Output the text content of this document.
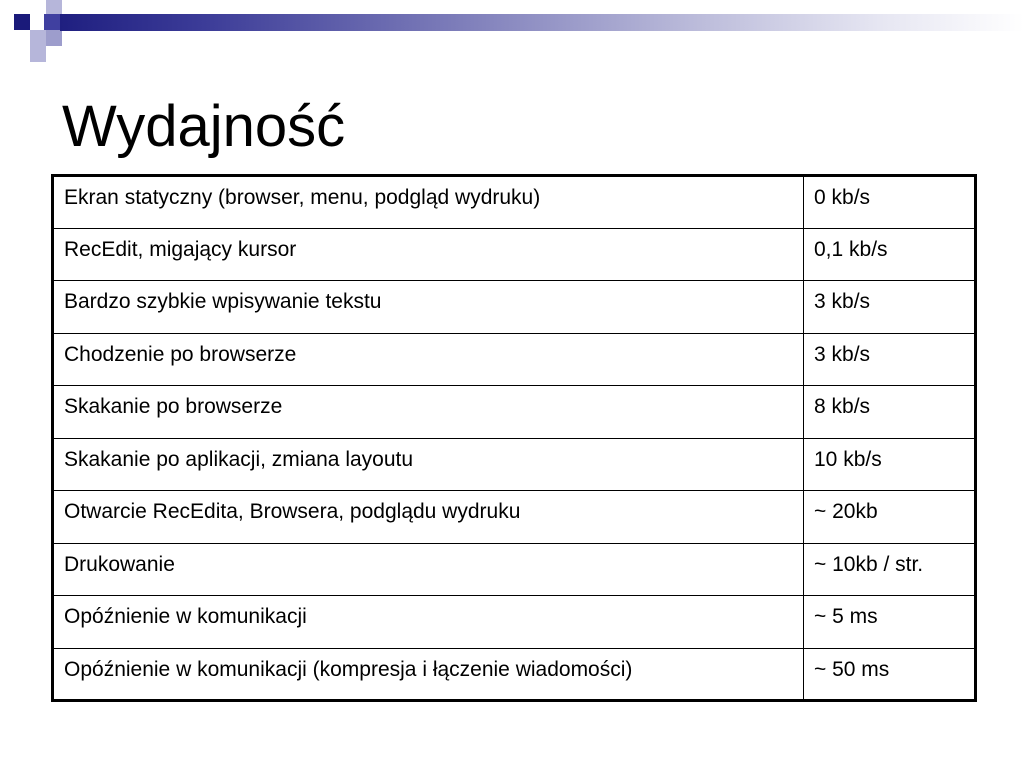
Wydajność
Ekran statyczny (browser, menu, podgląd wydruku)	0 kb/s
RecEdit, migający kursor	0,1 kb/s
Bardzo szybkie wpisywanie tekstu	3 kb/s
Chodzenie po browserze	3 kb/s
Skakanie po browserze	8 kb/s
Skakanie po aplikacji, zmiana layoutu	10 kb/s
Otwarcie RecEdita, Browsera, podglądu wydruku	~ 20kb
Drukowanie	~ 10kb / str.
Opóźnienie w komunikacji	~ 5 ms
Opóźnienie w komunikacji (kompresja i łączenie wiadomości)	~ 50 ms
